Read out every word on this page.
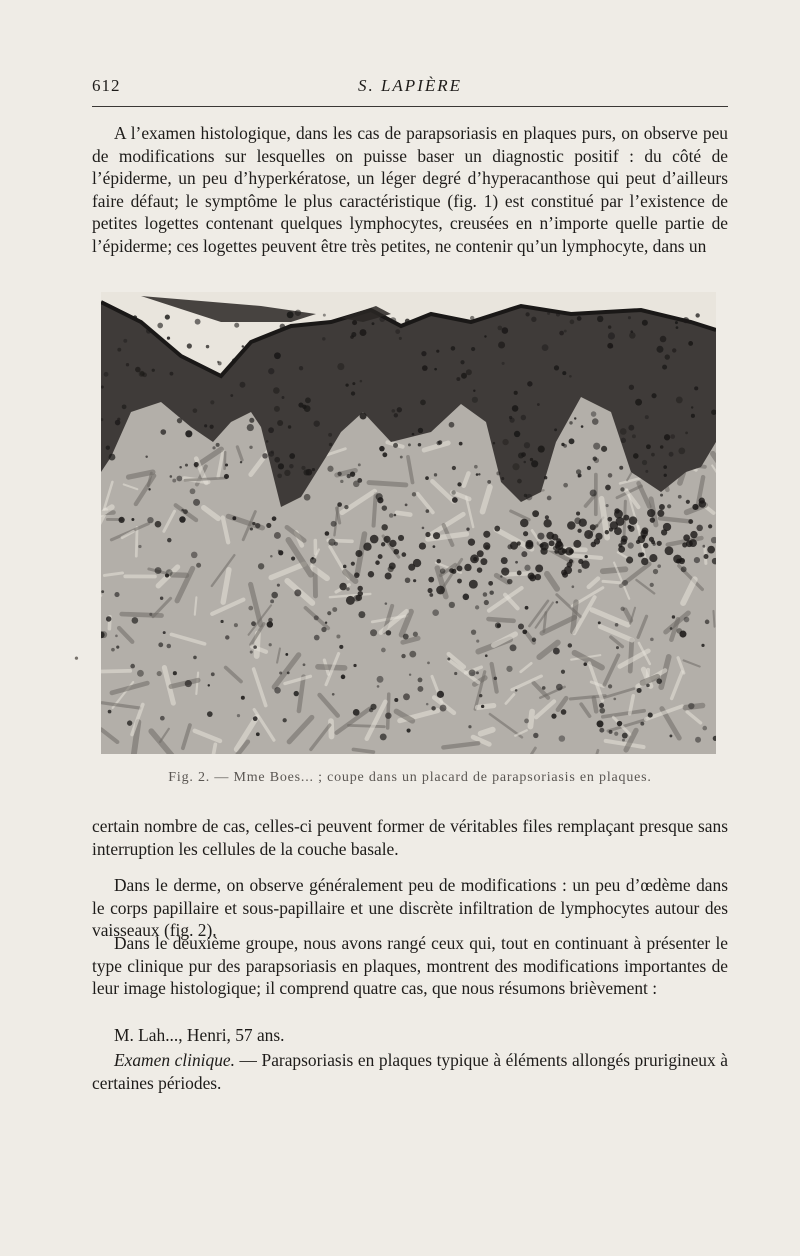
612	S. LAPIÈRE

A l’examen histologique, dans les cas de parapsoriasis en plaques purs, on observe peu de modifications sur lesquelles on puisse baser un diagnostic positif : du côté de l’épiderme, un peu d’hyperkératose, un léger degré d’hyperacanthose qui peut d’ailleurs faire défaut; le symptôme le plus caractéristique (fig. 1) est constitué par l’existence de petites logettes contenant quelques lymphocytes, creusées en n’importe quelle partie de l’épiderme; ces logettes peuvent être très petites, ne contenir qu’un lymphocyte, dans un

Fig. 2. — Mme Boes... ; coupe dans un placard de parapsoriasis en plaques.

certain nombre de cas, celles-ci peuvent former de véritables files remplaçant presque sans interruption les cellules de la couche basale.

Dans le derme, on observe généralement peu de modifications : un peu d’œdème dans le corps papillaire et sous-papillaire et une discrète infiltration de lymphocytes autour des vaisseaux (fig. 2).

Dans le deuxième groupe, nous avons rangé ceux qui, tout en continuant à présenter le type clinique pur des parapsoriasis en plaques, montrent des modifications importantes de leur image histologique; il comprend quatre cas, que nous résumons brièvement :

M. Lah..., Henri, 57 ans.

Examen clinique. — Parapsoriasis en plaques typique à éléments allongés prurigineux à certaines périodes.

•
